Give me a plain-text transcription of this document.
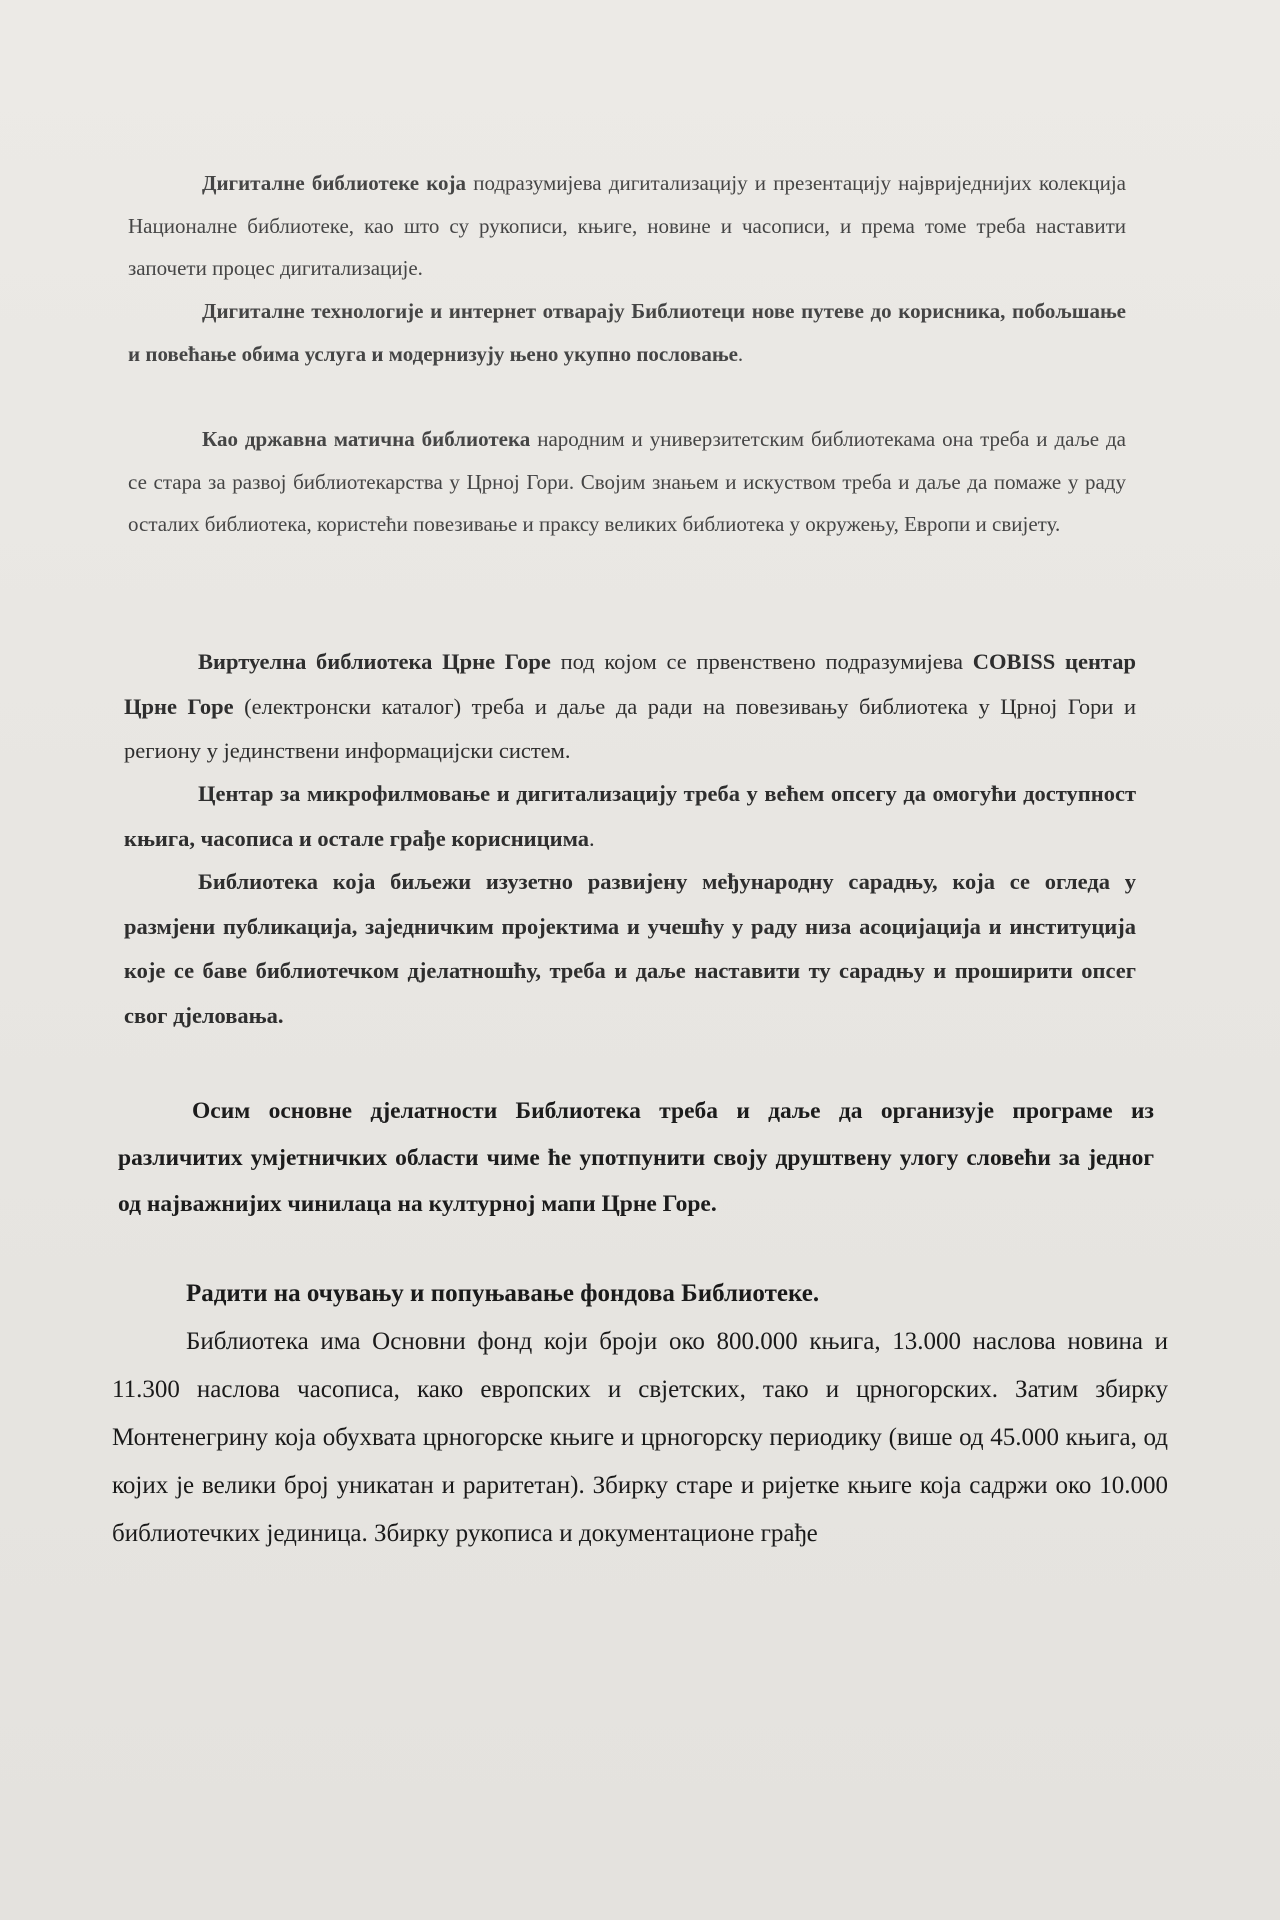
Дигиталне библиотеке која подразумијева дигитализацију и презентацију највриједнијих колекција Националне библиотеке, као што су рукописи, књиге, новине и часописи, и према томе треба наставити започети процес дигитализације.
Дигиталне технологије и интернет отварају Библиотеци нове путеве до корисника, побољшање и повећање обима услуга и модернизују њено укупно пословање.
Као државна матична библиотека народним и универзитетским библиотекама она треба и даље да се стара за развој библиотекарства у Црној Гори. Својим знањем и искуством треба и даље да помаже у раду осталих библиотека, користећи повезивање и праксу великих библиотека у окружењу, Европи и свијету.
Виртуелна библиотека Црне Горе под којом се првенствено подразумијева COBISS центар Црне Горе (електронски каталог) треба и даље да ради на повезивању библиотека у Црној Гори и региону у јединствени информацијски систем.
Центар за микрофилмовање и дигитализацију треба у већем опсегу да омогући доступност књига, часописа и остале грађе корисницима.
Библиотека која биљежи изузетно развијену међународну сарадњу, која се огледа у размјени публикација, заједничким пројектима и учешћу у раду низа асоцијација и институција које се баве библиотечком дјелатношћу, треба и даље наставити ту сарадњу и проширити опсег свог дјеловања.
Осим основне дјелатности Библиотека треба и даље да организује програме из различитих умјетничких области чиме ће употпунити своју друштвену улогу словећи за једног од најважнијих чинилаца на културној мапи Црне Горе.
Радити на очувању и попуњавање фондова Библиотеке.
Библиотека има Основни фонд који броји око 800.000 књига, 13.000 наслова новина и 11.300 наслова часописа, како европских и свјетских, тако и црногорских. Затим збирку Монтенегрину која обухвата црногорске књиге и црногорску периодику (више од 45.000 књига, од којих је велики број уникатан и раритетан). Збирку старе и ријетке књиге која садржи око 10.000 библиотечких јединица. Збирку рукописа и документационе грађе
